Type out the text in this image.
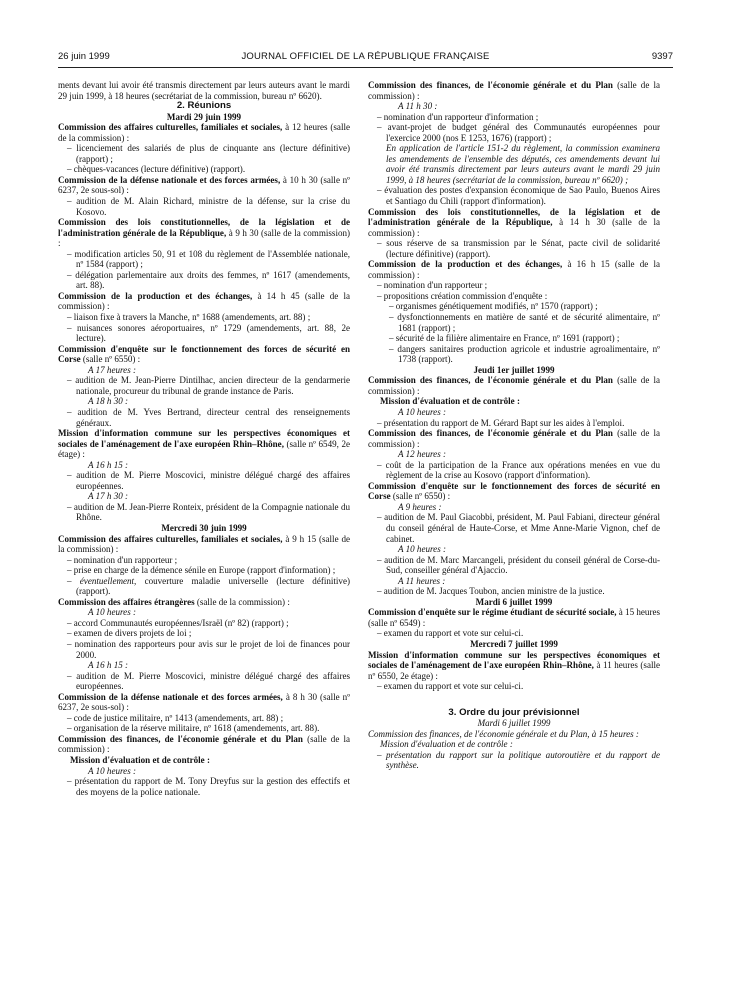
26 juin 1999	JOURNAL OFFICIEL DE LA RÉPUBLIQUE FRANÇAISE	9397

ments devant lui avoir été transmis directement par leurs auteurs avant le mardi 29 juin 1999, à 18 heures (secrétariat de la commission, bureau nº 6620).

2. Réunions

Mardi 29 juin 1999

Commission des affaires culturelles, familiales et sociales, à 12 heures (salle de la commission) :

– licenciement des salariés de plus de cinquante ans (lecture définitive) (rapport) ;

– chèques-vacances (lecture définitive) (rapport).

Commission de la défense nationale et des forces armées, à 10 h 30 (salle nº 6237, 2e sous-sol) :

– audition de M. Alain Richard, ministre de la défense, sur la crise du Kosovo.

Commission des lois constitutionnelles, de la législation et de l'administration générale de la République, à 9 h 30 (salle de la commission) :

– modification articles 50, 91 et 108 du règlement de l'Assemblée nationale, nº 1584 (rapport) ;

– délégation parlementaire aux droits des femmes, nº 1617 (amendements, art. 88).

Commission de la production et des échanges, à 14 h 45 (salle de la commission) :

– liaison fixe à travers la Manche, nº 1688 (amendements, art. 88) ;

– nuisances sonores aéroportuaires, nº 1729 (amendements, art. 88, 2e lecture).

Commission d'enquête sur le fonctionnement des forces de sécurité en Corse (salle nº 6550) :

A 17 heures :

– audition de M. Jean-Pierre Dintilhac, ancien directeur de la gendarmerie nationale, procureur du tribunal de grande instance de Paris.

A 18 h 30 :

– audition de M. Yves Bertrand, directeur central des renseignements généraux.

Mission d'information commune sur les perspectives économiques et sociales de l'aménagement de l'axe européen Rhin–Rhône, (salle nº 6549, 2e étage) :

A 16 h 15 :

– audition de M. Pierre Moscovici, ministre délégué chargé des affaires européennes.

A 17 h 30 :

– audition de M. Jean-Pierre Ronteix, président de la Compagnie nationale du Rhône.

Mercredi 30 juin 1999

Commission des affaires culturelles, familiales et sociales, à 9 h 15 (salle de la commission) :

– nomination d'un rapporteur ;

– prise en charge de la démence sénile en Europe (rapport d'information) ;

– éventuellement, couverture maladie universelle (lecture définitive) (rapport).

Commission des affaires étrangères (salle de la commission) :

A 10 heures :

– accord Communautés européennes/Israël (nº 82) (rapport) ;

– examen de divers projets de loi ;

– nomination des rapporteurs pour avis sur le projet de loi de finances pour 2000.

A 16 h 15 :

– audition de M. Pierre Moscovici, ministre délégué chargé des affaires européennes.

Commission de la défense nationale et des forces armées, à 8 h 30 (salle nº 6237, 2e sous-sol) :

– code de justice militaire, nº 1413 (amendements, art. 88) ;

– organisation de la réserve militaire, nº 1618 (amendements, art. 88).

Commission des finances, de l'économie générale et du Plan (salle de la commission) :

Mission d'évaluation et de contrôle :

A 10 heures :

– présentation du rapport de M. Tony Dreyfus sur la gestion des effectifs et des moyens de la police nationale.

Commission des finances, de l'économie générale et du Plan (salle de la commission) :

A 11 h 30 :

– nomination d'un rapporteur d'information ;

– avant-projet de budget général des Communautés européennes pour l'exercice 2000 (nos E 1253, 1676) (rapport) ;

En application de l'article 151-2 du règlement, la commission examinera les amendements de l'ensemble des députés, ces amendements devant lui avoir été transmis directement par leurs auteurs avant le mardi 29 juin 1999, à 18 heures (secrétariat de la commission, bureau nº 6620) ;

– évaluation des postes d'expansion économique de Sao Paulo, Buenos Aires et Santiago du Chili (rapport d'information).

Commission des lois constitutionnelles, de la législation et de l'administration générale de la République, à 14 h 30 (salle de la commission) :

– sous réserve de sa transmission par le Sénat, pacte civil de solidarité (lecture définitive) (rapport).

Commission de la production et des échanges, à 16 h 15 (salle de la commission) :

– nomination d'un rapporteur ;

– propositions création commission d'enquête :

– organismes génétiquement modifiés, nº 1570 (rapport) ;

– dysfonctionnements en matière de santé et de sécurité alimentaire, nº 1681 (rapport) ;

– sécurité de la filière alimentaire en France, nº 1691 (rapport) ;

– dangers sanitaires production agricole et industrie agroalimentaire, nº 1738 (rapport).

Jeudi 1er juillet 1999

Commission des finances, de l'économie générale et du Plan (salle de la commission) :

Mission d'évaluation et de contrôle :

A 10 heures :

– présentation du rapport de M. Gérard Bapt sur les aides à l'emploi.

Commission des finances, de l'économie générale et du Plan (salle de la commission) :

A 12 heures :

– coût de la participation de la France aux opérations menées en vue du règlement de la crise au Kosovo (rapport d'information).

Commission d'enquête sur le fonctionnement des forces de sécurité en Corse (salle nº 6550) :

A 9 heures :

– audition de M. Paul Giacobbi, président, M. Paul Fabiani, directeur général du conseil général de Haute-Corse, et Mme Anne-Marie Vignon, chef de cabinet.

A 10 heures :

– audition de M. Marc Marcangeli, président du conseil général de Corse-du-Sud, conseiller général d'Ajaccio.

A 11 heures :

– audition de M. Jacques Toubon, ancien ministre de la justice.

Mardi 6 juillet 1999

Commission d'enquête sur le régime étudiant de sécurité sociale, à 15 heures (salle nº 6549) :

– examen du rapport et vote sur celui-ci.

Mercredi 7 juillet 1999

Mission d'information commune sur les perspectives économiques et sociales de l'aménagement de l'axe européen Rhin–Rhône, à 11 heures (salle nº 6550, 2e étage) :

– examen du rapport et vote sur celui-ci.

3. Ordre du jour prévisionnel

Mardi 6 juillet 1999

Commission des finances, de l'économie générale et du Plan, à 15 heures :

Mission d'évaluation et de contrôle :

– présentation du rapport sur la politique autoroutière et du rapport de synthèse.
